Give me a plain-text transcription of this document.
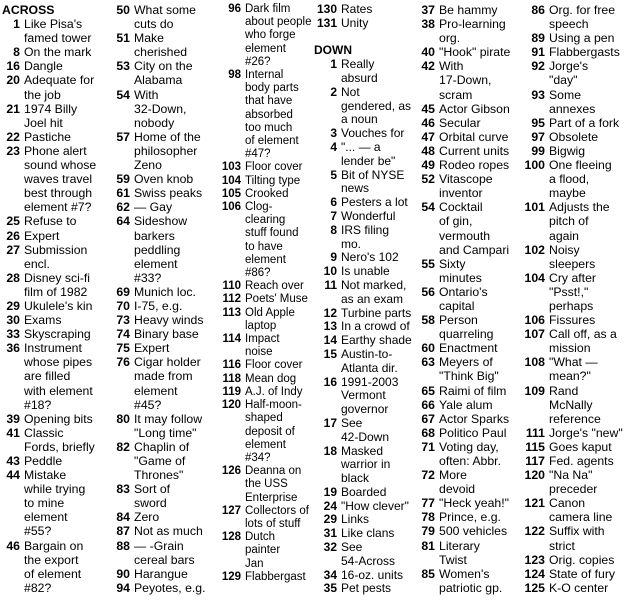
ACROSS
1 Like Pisa's
famed tower
8 On the mark
16 Dangle
20 Adequate for
the job
21 1974 Billy
Joel hit
22 Pastiche
23 Phone alert
sound whose
waves travel
best through
element #7?
25 Refuse to
26 Expert
27 Submission
encl.
28 Disney sci-fi
film of 1982
29 Ukulele's kin
30 Exams
33 Skyscraping
36 Instrument
whose pipes
are filled
with element
#18?
39 Opening bits
41 Classic
Fords, briefly
43 Peddle
44 Mistake
while trying
to mine
element
#55?
46 Bargain on
the export
of element
#82?
50 What some
cuts do
51 Make
cherished
53 City on the
Alabama
54 With
32-Down,
nobody
57 Home of the
philosopher
Zeno
59 Oven knob
61 Swiss peaks
62 — Gay
64 Sideshow
barkers
peddling
element
#33?
69 Munich loc.
70 I-75, e.g.
73 Heavy winds
74 Binary base
75 Expert
76 Cigar holder
made from
element
#45?
80 It may follow
"Long time"
82 Chaplin of
"Game of
Thrones"
83 Sort of
sword
84 Zero
87 Not as much
88 — -Grain
cereal bars
90 Harangue
94 Peyotes, e.g.
96 Dark film
about people
who forge
element
#26?
98 Internal
body parts
that have
absorbed
too much
of element
#47?
103 Floor cover
104 Tilting type
105 Crooked
106 Clog-clearing
stuff found
to have
element
#86?
110 Reach over
112 Poets' Muse
113 Old Apple
laptop
114 Impact
noise
116 Floor cover
118 Mean dog
119 A.J. of Indy
120 Half-moon-
shaped
deposit of
element
#34?
126 Deanna on
the USS
Enterprise
127 Collectors of
lots of stuff
128 Dutch painter
Jan
129 Flabbergast
130 Rates
131 Unity
DOWN
1 Really
absurd
2 Not
gendered, as
a noun
3 Vouches for
4 "... — a
lender be"
5 Bit of NYSE
news
6 Pesters a lot
7 Wonderful
8 IRS filing mo.
9 Nero's 102
10 Is unable
11 Not marked,
as an exam
12 Turbine parts
13 In a crowd of
14 Earthy shade
15 Austin-to-
Atlanta dir.
16 1991-2003
Vermont
governor
17 See
42-Down
18 Masked
warrior in
black
19 Boarded
24 "How clever"
29 Links
31 Like clans
32 See
54-Across
34 16-oz. units
35 Pet pests
37 Be hammy
38 Pro-learning
org.
40 "Hook" pirate
42 With
17-Down,
scram
45 Actor Gibson
46 Secular
47 Orbital curve
48 Current units
49 Rodeo ropes
52 Vitascope
inventor
54 Cocktail
of gin,
vermouth
and Campari
55 Sixty
minutes
56 Ontario's
capital
58 Person
quarreling
60 Enactment
63 Meyers of
"Think Big"
65 Raimi of film
66 Yale alum
67 Actor Sparks
68 Politico Paul
71 Voting day,
often: Abbr.
72 More
devoid
77 "Heck yeah!"
78 Prince, e.g.
79 500 vehicles
81 Literary
Twist
85 Women's
patriotic gp.
86 Org. for free
speech
89 Using a pen
91 Flabbergasts
92 Jorge's
"day"
93 Some
annexes
95 Part of a fork
97 Obsolete
99 Bigwig
100 One fleeing
a flood,
maybe
101 Adjusts the
pitch of
again
102 Noisy
sleepers
104 Cry after
"Psst!,"
perhaps
106 Fissures
107 Call off, as a
mission
108 "What —
mean?"
109 Rand
McNally
reference
111 Jorge's "new"
115 Goes kaput
117 Fed. agents
120 "Na Na"
preceder
121 Canon
camera line
122 Suffix with
strict
123 Orig. copies
124 State of fury
125 K-O center
